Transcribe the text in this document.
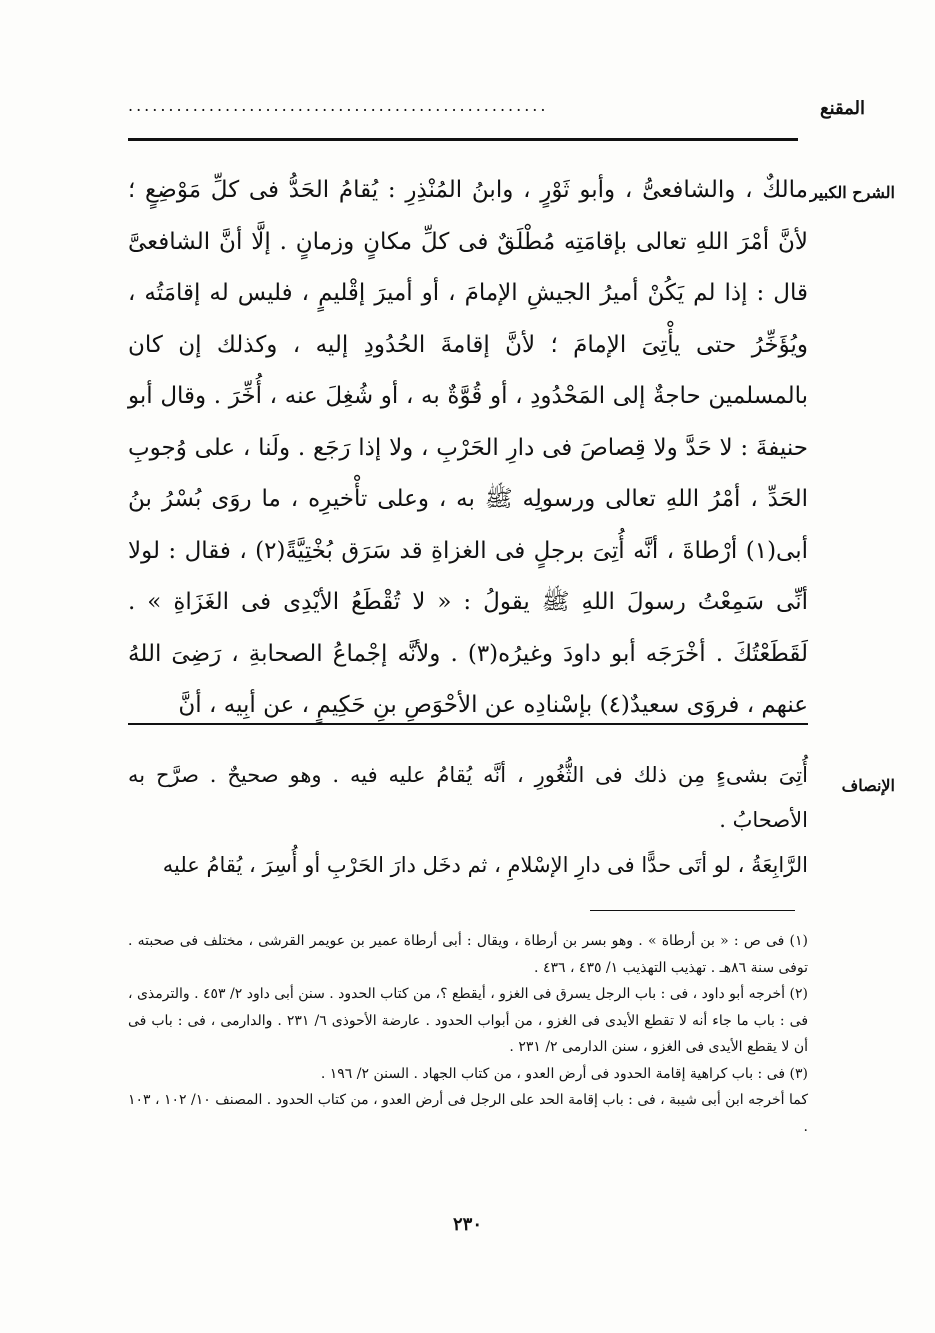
المقنع
....................................................
الشرح الكبير

مالكٌ ، والشافعىُّ ، وأبو ثَوْرٍ ، وابنُ المُنْذِرِ : يُقامُ الحَدُّ فى كلِّ مَوْضِعٍ ؛ لأنَّ أمْرَ اللهِ تعالى بإقامَتِه مُطْلَقٌ فى كلِّ مكانٍ وزمانٍ . إلَّا أنَّ الشافعىَّ قال : إذا لم يَكُنْ أميرُ الجيشِ الإمامَ ، أو أميرَ إقْليمٍ ، فليس له إقامَتُه ، ويُؤَخِّرُ حتى يأْتِىَ الإمامَ ؛ لأنَّ إقامةَ الحُدُودِ إليه ، وكذلك إن كان بالمسلمين حاجةٌ إلى المَحْدُودِ ، أو قُوَّةٌ به ، أو شُغِلَ عنه ، أُخِّرَ . وقال أبو حنيفةَ : لا حَدَّ ولا قِصاصَ فى دارِ الحَرْبِ ، ولا إذا رَجَع . ولَنا ، على وُجوبِ الحَدِّ ، أمْرُ اللهِ تعالى ورسولِه ﷺ به ، وعلى تأْخيرِه ، ما روَى بُسْرُ بنُ أبى(١) أرْطاةَ ، أنَّه أُتِىَ برجلٍ فى الغزاةِ قد سَرَق بُخْتِيَّةً(٢) ، فقال : لولا أنِّى سَمِعْتُ رسولَ اللهِ ﷺ يقولُ : « لا تُقْطَعُ الأيْدِى فى الغَزَاةِ » . لَقَطَعْتُكَ . أخْرَجَه أبو داودَ وغيرُه(٣) . ولأنَّه إجْماعُ الصحابةِ ، رَضِىَ اللهُ عنهم ، فروَى سعيدٌ(٤) بإسْنادِه عن الأحْوَصِ بنِ حَكِيمٍ ، عن أبِيه ، أنَّ

الإنصاف

أُتِىَ بشىءٍ مِن ذلك فى الثُّغُورِ ، أنَّه يُقامُ عليه فيه . وهو صحيحٌ . صرَّح به الأصحابُ .

الرَّابِعَةُ ، لو أتَى حدًّا فى دارِ الإسْلامِ ، ثم دخَل دارَ الحَرْبِ أو أُسِرَ ، يُقامُ عليه

(١) فى ص : « بن أرطاة » . وهو بسر بن أرطاة ، ويقال : أبى أرطاة عمير بن عويمر القرشى ، مختلف فى صحبته . توفى سنة ٨٦هـ . تهذيب التهذيب ١/ ٤٣٥ ، ٤٣٦ .

(٢) أخرجه أبو داود ، فى : باب الرجل يسرق فى الغزو ، أيقطع ؟، من كتاب الحدود . سنن أبى داود ٢/ ٤٥٣ . والترمذى ، فى : باب ما جاء أنه لا تقطع الأيدى فى الغزو ، من أبواب الحدود . عارضة الأحوذى ٦/ ٢٣١ . والدارمى ، فى : باب فى أن لا يقطع الأيدى فى الغزو ، سنن الدارمى ٢/ ٢٣١ .

(٣) فى : باب كراهية إقامة الحدود فى أرض العدو ، من كتاب الجهاد . السنن ٢/ ١٩٦ .

كما أخرجه ابن أبى شيبة ، فى : باب إقامة الحد على الرجل فى أرض العدو ، من كتاب الحدود . المصنف ١٠/ ١٠٢ ، ١٠٣ .

٢٣٠
